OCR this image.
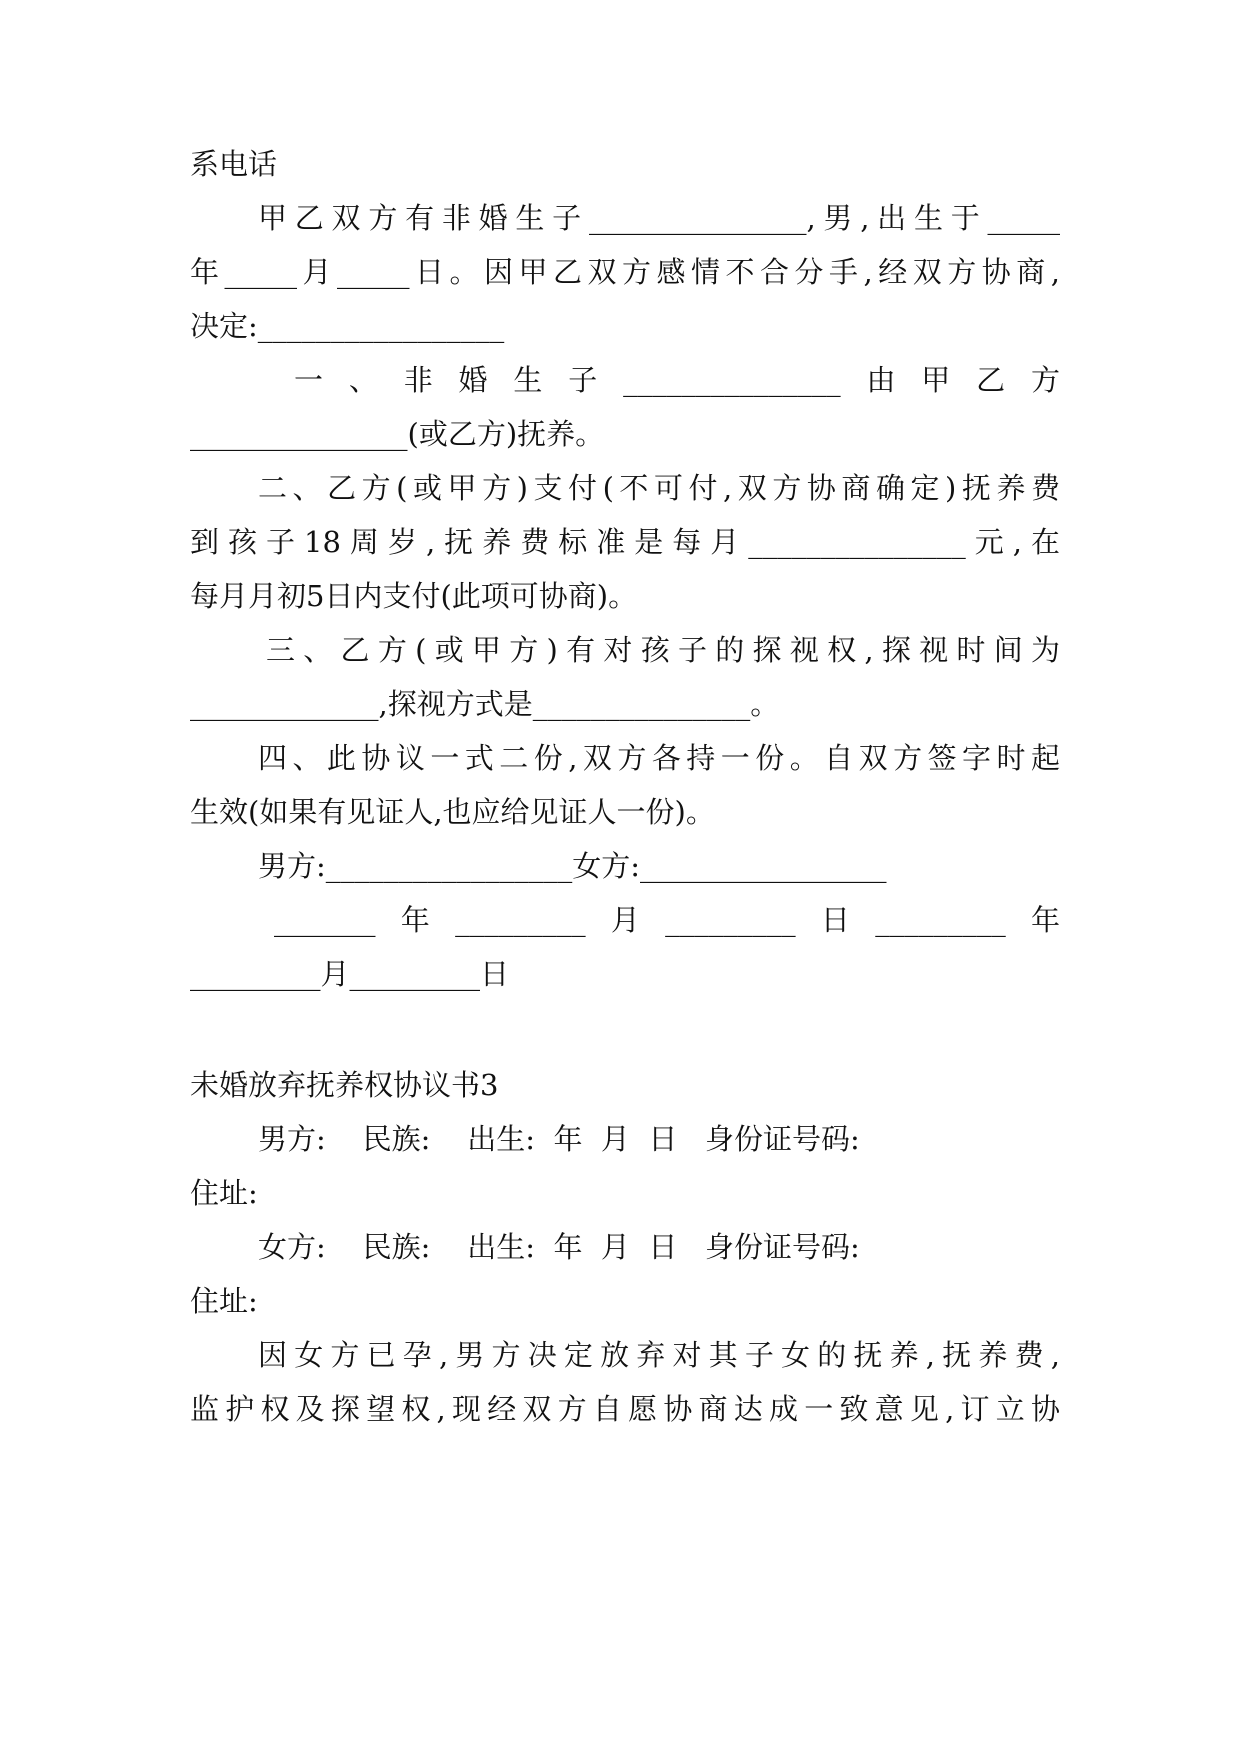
系电话
甲乙双方有非婚生子_______________,男,出生于_____
年_____月_____日。因甲乙双方感情不合分手,经双方协商,
决定:_________________
一、非婚生子_______________由甲乙方
_______________(或乙方)抚养。
二、乙方(或甲方)支付(不可付,双方协商确定)抚养费
到孩子18周岁,抚养费标准是每月_______________元,在
每月月初5日内支付(此项可协商)。
三、乙方(或甲方)有对孩子的探视权,探视时间为
_____________,探视方式是_______________。
四、此协议一式二份,双方各持一份。自双方签字时起
生效(如果有见证人,也应给见证人一份)。
男方:_________________女方:_________________
_______年_________月_________日_________年
_________月_________日
未婚放弃抚养权协议书3
男方:    民族:    出生:  年  月  日   身份证号码:
住址:
女方:    民族:    出生:  年  月  日   身份证号码:
住址:
因女方已孕,男方决定放弃对其子女的抚养,抚养费,
监护权及探望权,现经双方自愿协商达成一致意见,订立协
